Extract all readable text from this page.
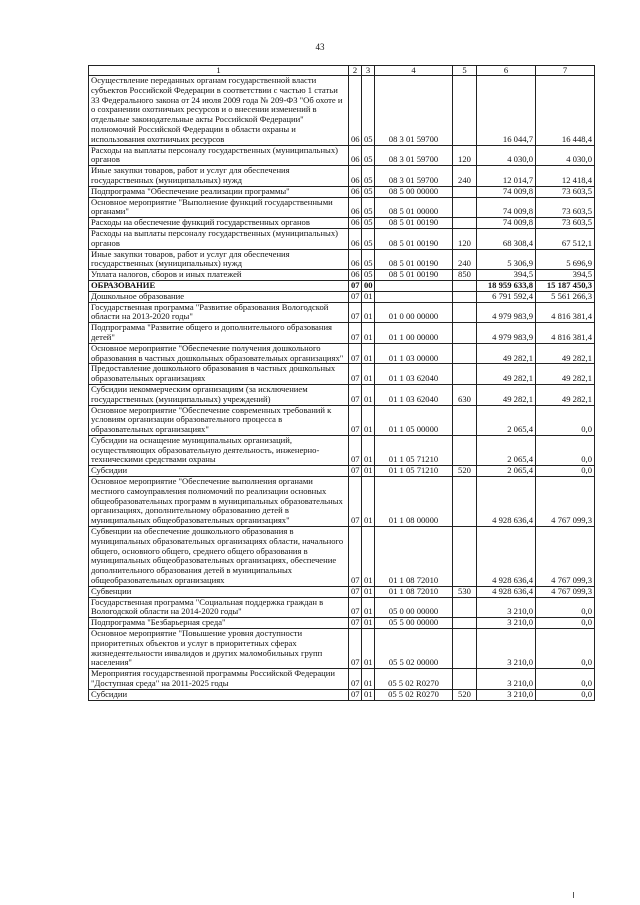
43
1	2	3	4	5	6	7
Осуществление переданных органам государственной власти субъектов Российской Федерации в соответствии с частью 1 статьи 33 Федерального закона от 24 июля 2009 года № 209-ФЗ "Об охоте и о сохранении охотничьих ресурсов и о внесении изменений в отдельные законодательные акты Российской Федерации" полномочий Российской Федерации в области охраны и использования охотничьих ресурсов	06	05	08 3 01 59700		16 044,7	16 448,4
Расходы на выплаты персоналу государственных (муниципальных) органов	06	05	08 3 01 59700	120	4 030,0	4 030,0
Иные закупки товаров, работ и услуг для обеспечения государственных (муниципальных) нужд	06	05	08 3 01 59700	240	12 014,7	12 418,4
Подпрограмма "Обеспечение реализации программы"	06	05	08 5 00 00000		74 009,8	73 603,5
Основное мероприятие "Выполнение функций государственными органами"	06	05	08 5 01 00000		74 009,8	73 603,5
Расходы на обеспечение функций государственных органов	06	05	08 5 01 00190		74 009,8	73 603,5
Расходы на выплаты персоналу государственных (муниципальных) органов	06	05	08 5 01 00190	120	68 308,4	67 512,1
Иные закупки товаров, работ и услуг для обеспечения государственных (муниципальных) нужд	06	05	08 5 01 00190	240	5 306,9	5 696,9
Уплата налогов, сборов и иных платежей	06	05	08 5 01 00190	850	394,5	394,5
ОБРАЗОВАНИЕ	07	00			18 959 633,8	15 187 450,3
Дошкольное образование	07	01			6 791 592,4	5 561 266,3
Государственная программа "Развитие образования Вологодской области на 2013-2020 годы"	07	01	01 0 00 00000		4 979 983,9	4 816 381,4
Подпрограмма "Развитие общего и дополнительного образования детей"	07	01	01 1 00 00000		4 979 983,9	4 816 381,4
Основное мероприятие "Обеспечение получения дошкольного образования в частных дошкольных образовательных организациях"	07	01	01 1 03 00000		49 282,1	49 282,1
Предоставление дошкольного образования в частных дошкольных образовательных организациях	07	01	01 1 03 62040		49 282,1	49 282,1
Субсидии некоммерческим организациям (за исключением государственных (муниципальных) учреждений)	07	01	01 1 03 62040	630	49 282,1	49 282,1
Основное мероприятие "Обеспечение современных требований к условиям организации образовательного процесса в образовательных организациях"	07	01	01 1 05 00000		2 065,4	0,0
Субсидии на оснащение муниципальных организаций, осуществляющих образовательную деятельность, инженерно-техническими средствами охраны	07	01	01 1 05 71210		2 065,4	0,0
Субсидии	07	01	01 1 05 71210	520	2 065,4	0,0
Основное мероприятие "Обеспечение выполнения органами местного самоуправления полномочий по реализации основных общеобразовательных программ в муниципальных образовательных организациях, дополнительному образованию детей в муниципальных общеобразовательных организациях"	07	01	01 1 08 00000		4 928 636,4	4 767 099,3
Субвенции на обеспечение дошкольного образования в муниципальных образовательных организациях области, начального общего, основного общего, среднего общего образования в муниципальных общеобразовательных организациях, обеспечение дополнительного образования детей в муниципальных общеобразовательных организациях	07	01	01 1 08 72010		4 928 636,4	4 767 099,3
Субвенции	07	01	01 1 08 72010	530	4 928 636,4	4 767 099,3
Государственная программа "Социальная поддержка граждан в Вологодской области на 2014-2020 годы"	07	01	05 0 00 00000		3 210,0	0,0
Подпрограмма "Безбарьерная среда"	07	01	05 5 00 00000		3 210,0	0,0
Основное мероприятие "Повышение уровня доступности приоритетных объектов и услуг в приоритетных сферах жизнедеятельности инвалидов и других маломобильных групп населения"	07	01	05 5 02 00000		3 210,0	0,0
Мероприятия государственной программы Российской Федерации "Доступная среда" на 2011-2025 годы	07	01	05 5 02 R0270		3 210,0	0,0
Субсидии	07	01	05 5 02 R0270	520	3 210,0	0,0
